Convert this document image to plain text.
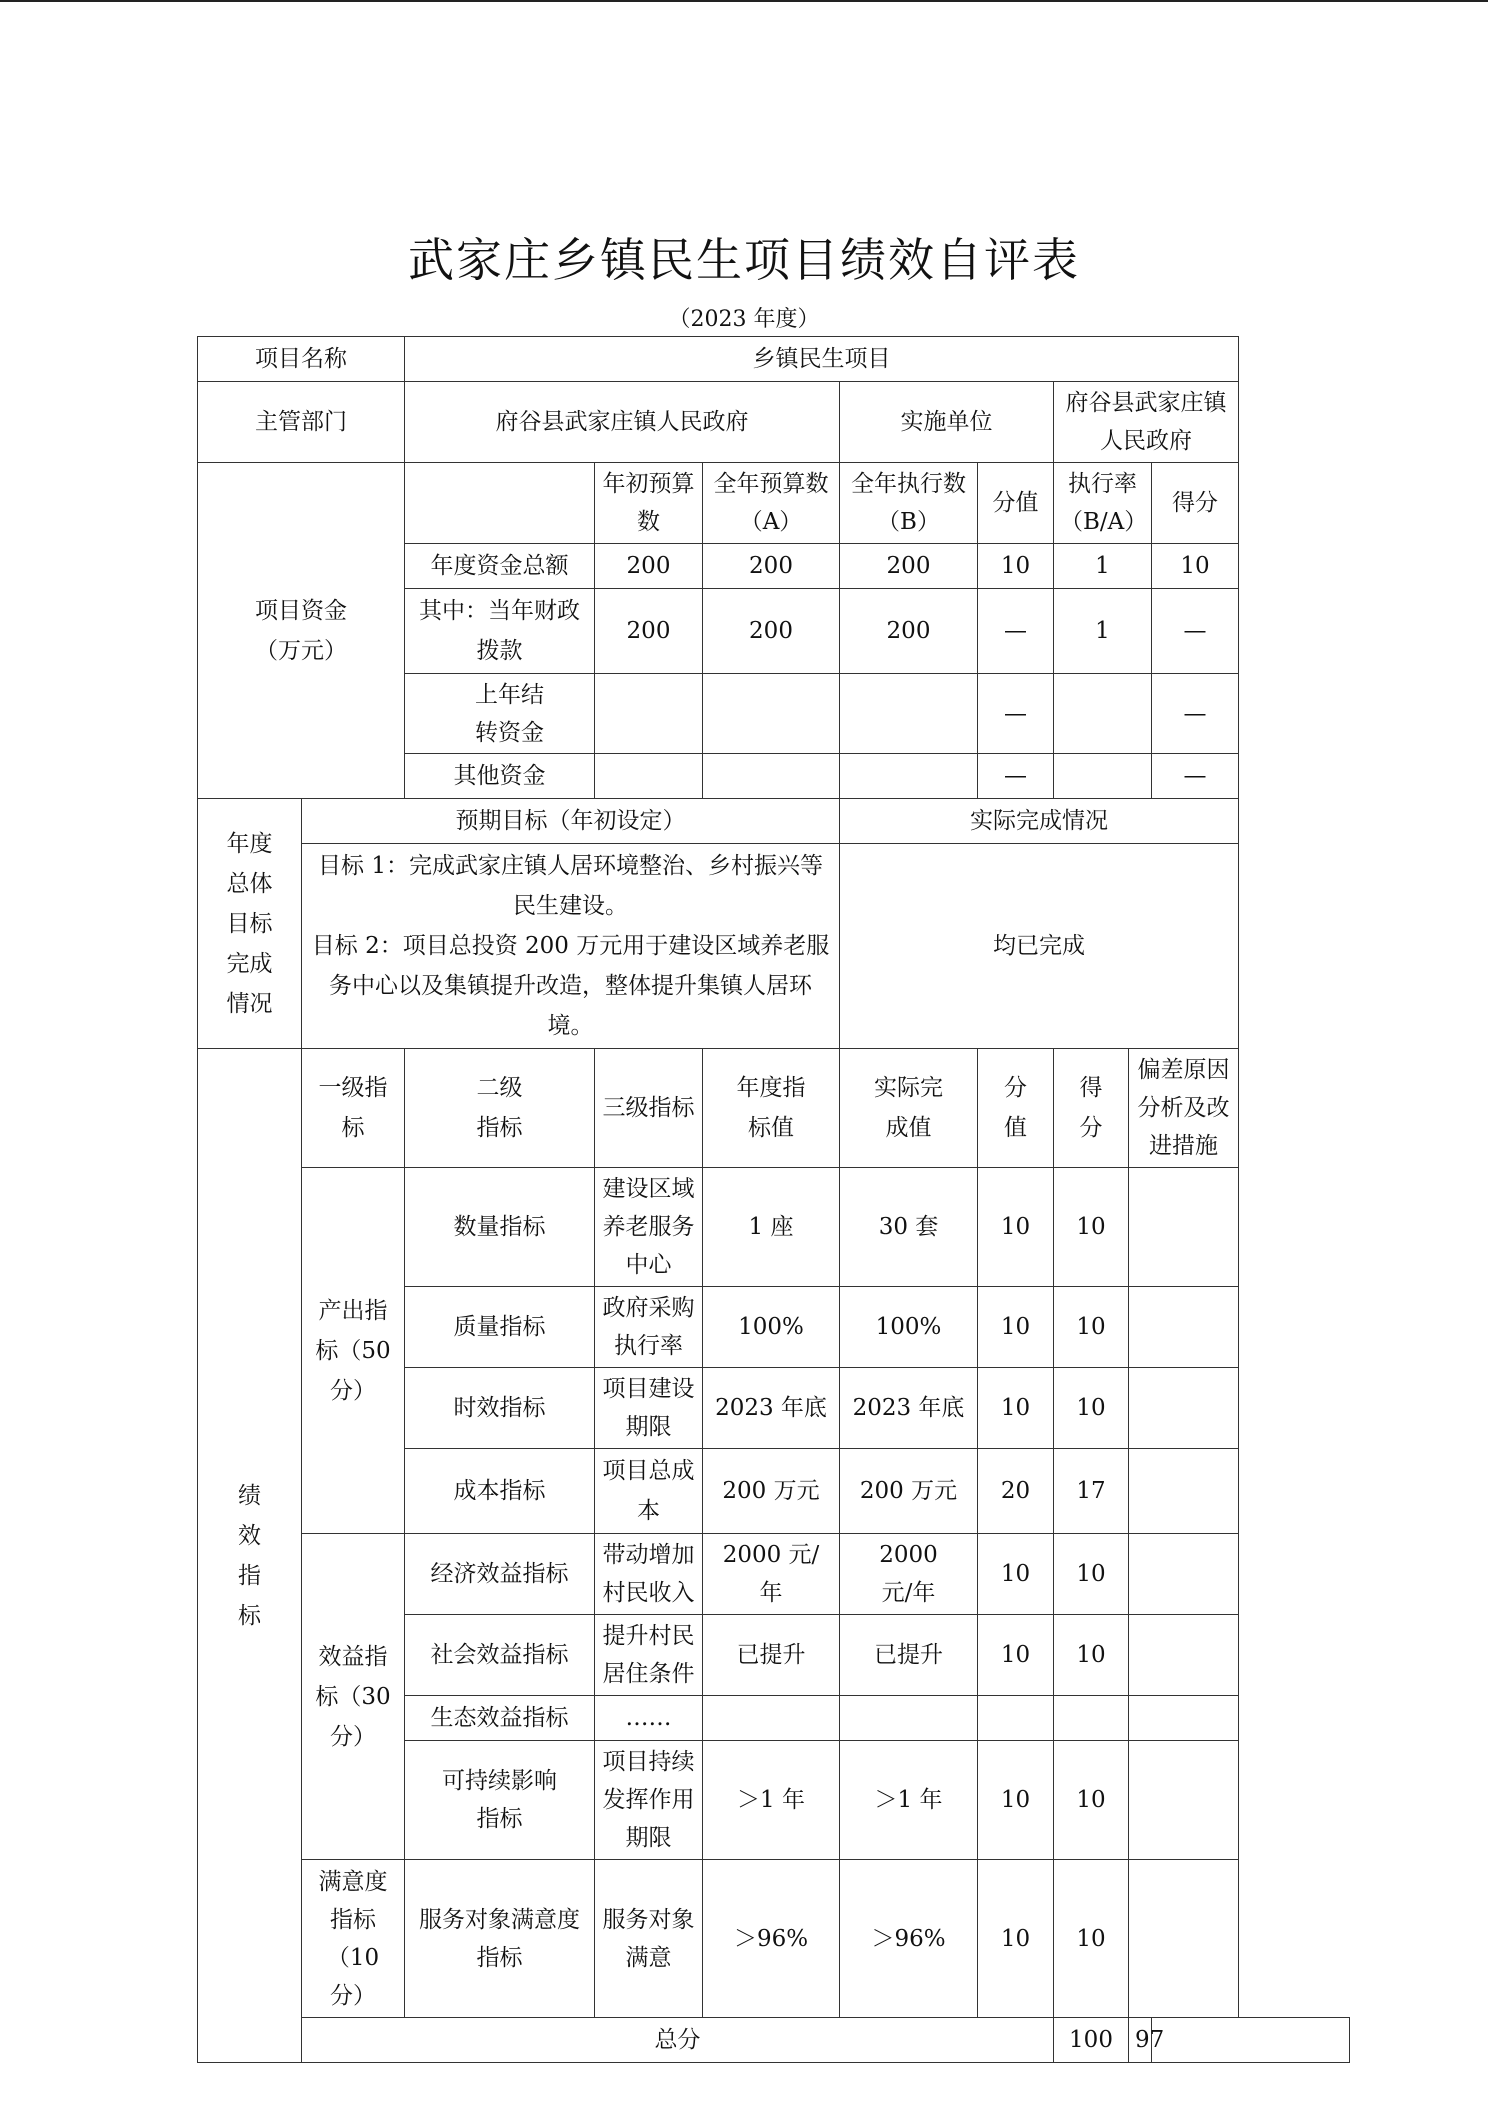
武家庄乡镇民生项目绩效自评表
（2023 年度）
项目名称		乡镇民生项目							
主管部门		府谷县武家庄镇人民政府			实施单位		府谷县武家庄镇人民政府		
项目资金（万元）			年初预算数	全年预算数（A）	全年执行数（B）	分值	执行率（B/A）		得分
		年度资金总额	200	200	200	10	1		10
		其中：当年财政拨款	200	200	200	—	1		—
		上年结转资金				—			—
		其他资金				—			—
年度总体目标完成情况	预期目标（年初设定）				实际完成情况				
	目标 1：完成武家庄镇人居环境整治、乡村振兴等
民生建设。
目标 2：项目总投资 200 万元用于建设区域养老服 务中心以及集镇提升改造，整体提升集镇人居环
境。				均已完成				
绩效指标	一级指标	二级指标	三级指标	年度指标值	实际完成值	分值	得分	偏差原因分析及改进措施	
	产出指标（50分）	数量指标	建设区域养老服务中心	1 座	30 套	10	10		
		质量指标	政府采购执行率	100%	100%	10	10		
		时效指标	项目建设期限	2023 年底	2023 年底	10	10		
		成本指标	项目总成本	200 万元	200 万元	20	17		
	效益指标（30分）	经济效益指标	带动增加村民收入	2000 元/年	2000 元/年	10	10		
		社会效益指标	提升村民居住条件	已提升	已提升	10	10		
		生态效益指标	……						
		可持续影响指标	项目持续发挥作用期限	＞1 年	＞1 年	10	10		
	满意度指标（10分）	服务对象满意度指标	服务对象满意	＞96%	＞96%	10	10		
	总分						100	97	
